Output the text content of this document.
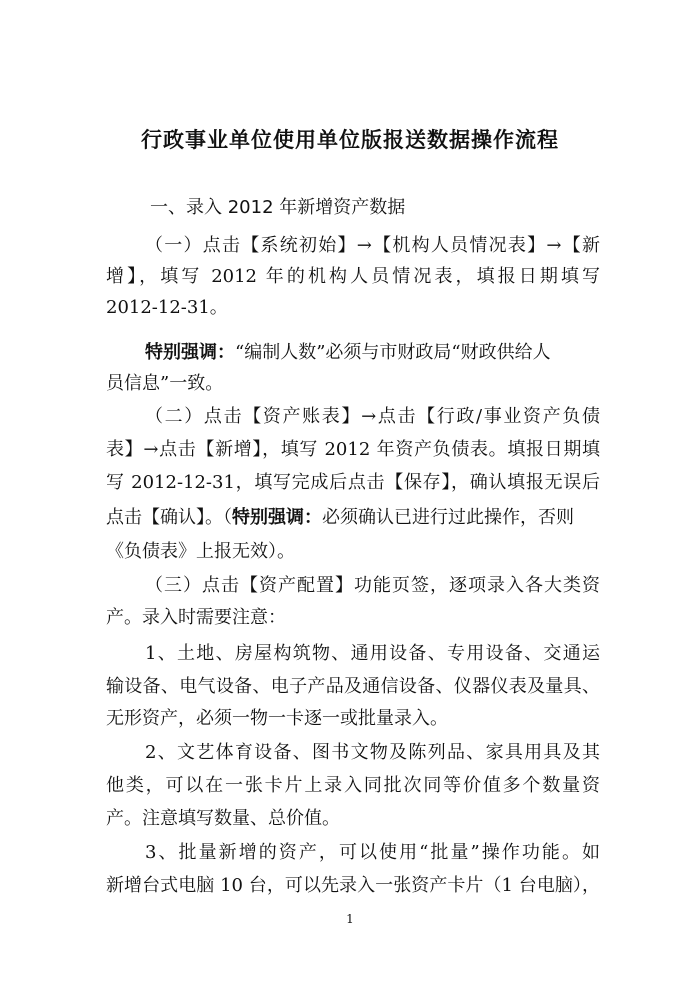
行政事业单位使用单位版报送数据操作流程
一、录入 2012 年新增资产数据
（一）点击【系统初始】→【机构人员情况表】→【新
增】，填写 2012 年的机构人员情况表，填报日期填写
2012-12-31。
特别强调：“编制人数”必须与市财政局“财政供给人
员信息”一致。
（二）点击【资产账表】→点击【行政/事业资产负债
表】→点击【新增】，填写 2012 年资产负债表。填报日期填
写 2012-12-31，填写完成后点击【保存】，确认填报无误后
点击【确认】。（特别强调：必须确认已进行过此操作，否则
《负债表》上报无效）。
（三）点击【资产配置】功能页签，逐项录入各大类资
产。录入时需要注意：
1、土地、房屋构筑物、通用设备、专用设备、交通运
输设备、电气设备、电子产品及通信设备、仪器仪表及量具、
无形资产，必须一物一卡逐一或批量录入。
2、文艺体育设备、图书文物及陈列品、家具用具及其
他类，可以在一张卡片上录入同批次同等价值多个数量资
产。注意填写数量、总价值。
3、批量新增的资产，可以使用“批量”操作功能。如
新增台式电脑 10 台，可以先录入一张资产卡片（1 台电脑），
1
